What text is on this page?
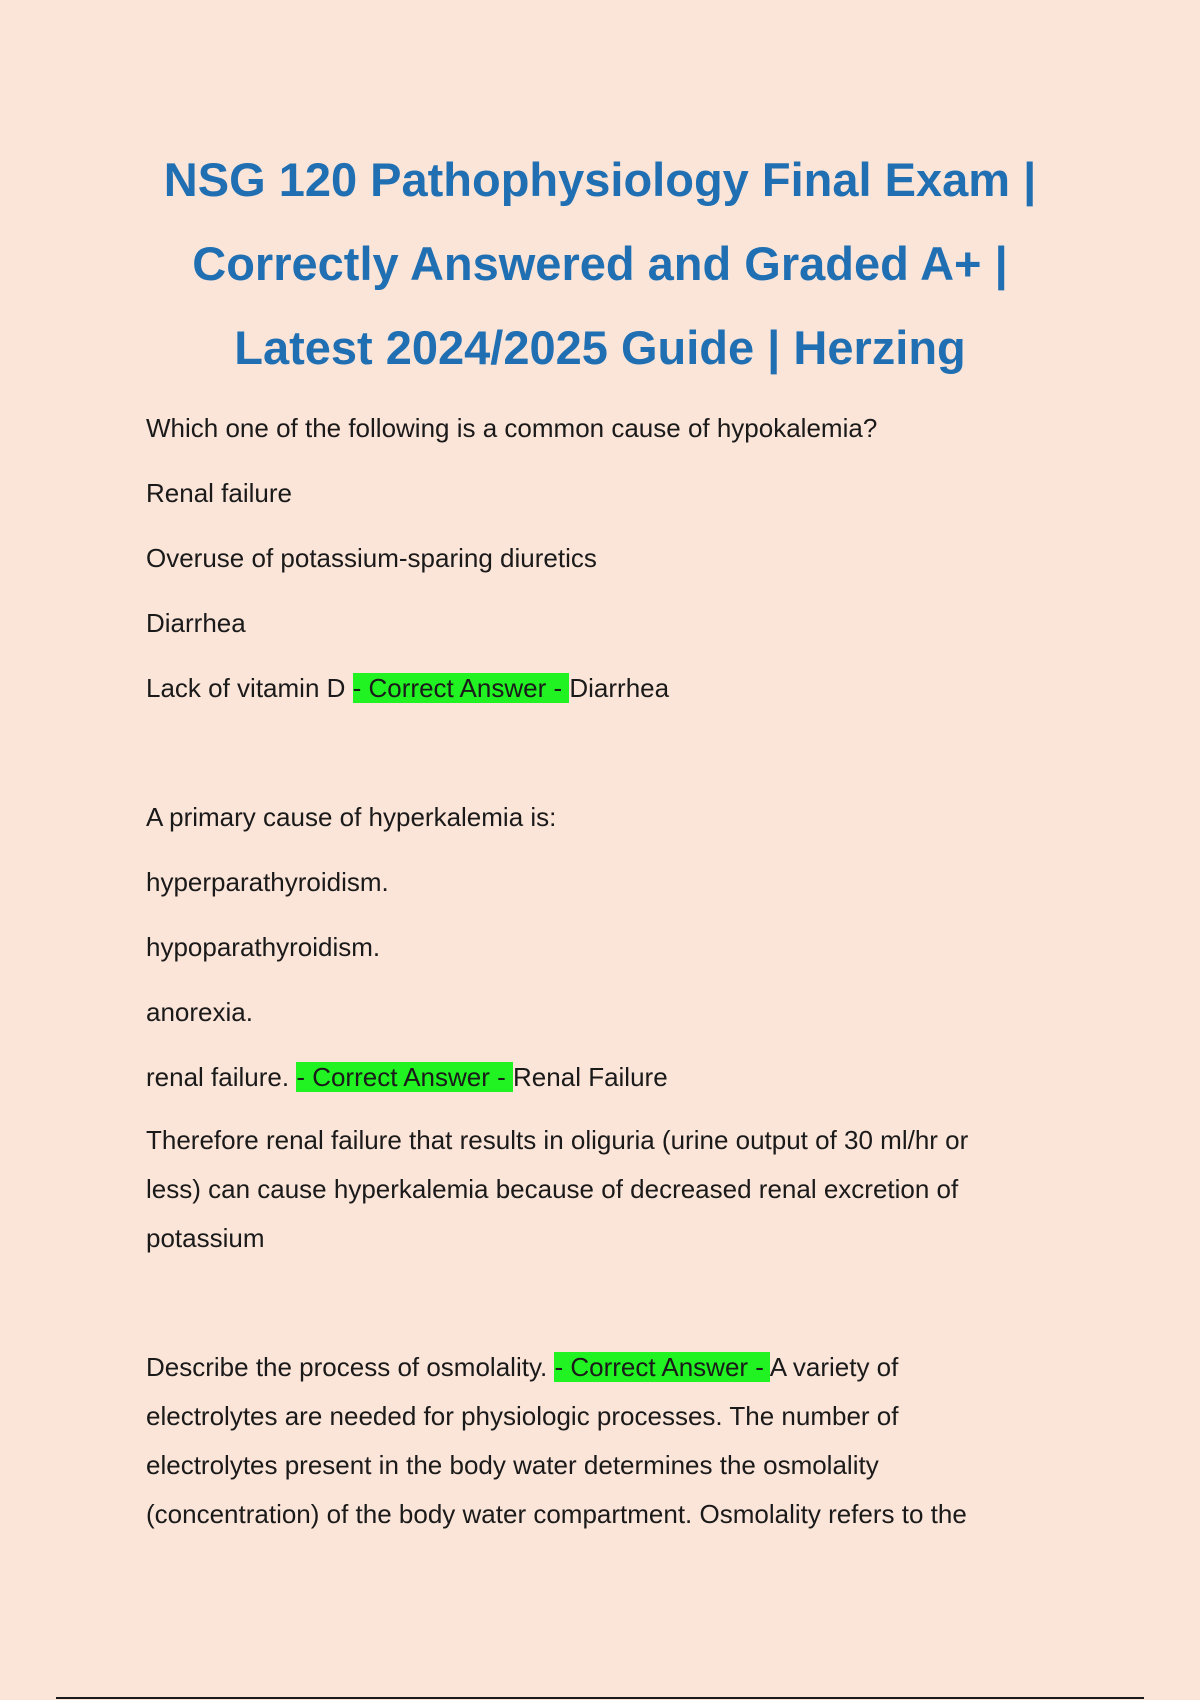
NSG 120 Pathophysiology Final Exam |
Correctly Answered and Graded A+ |
Latest 2024/2025 Guide | Herzing
Which one of the following is a common cause of hypokalemia?
Renal failure
Overuse of potassium-sparing diuretics
Diarrhea
Lack of vitamin D - Correct Answer - Diarrhea
A primary cause of hyperkalemia is:
hyperparathyroidism.
hypoparathyroidism.
anorexia.
renal failure. - Correct Answer - Renal Failure
Therefore renal failure that results in oliguria (urine output of 30 ml/hr or
less) can cause hyperkalemia because of decreased renal excretion of
potassium
Describe the process of osmolality. - Correct Answer - A variety of
electrolytes are needed for physiologic processes. The number of
electrolytes present in the body water determines the osmolality
(concentration) of the body water compartment. Osmolality refers to the
